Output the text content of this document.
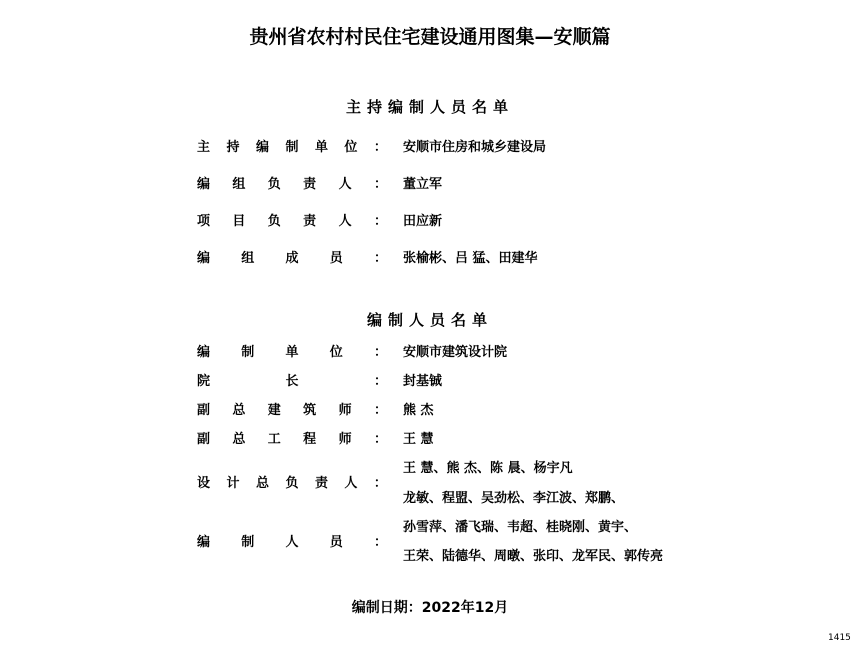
贵州省农村村民住宅建设通用图集—安顺篇
主持编制人员名单
主 持 编 制 单 位 ： 安顺市住房和城乡建设局
编 组 负 责 人 ： 董立军
项 目 负 责 人 ： 田应新
编 组 成 员 ： 张榆彬、吕 猛、田建华
编制人员名单
编 制 单 位 ： 安顺市建筑设计院
院	长	： 封基铖
副 总 建 筑 师 ： 熊 杰
副 总 工 程 师 ： 王 慧
设 计 总 负 责 人 ：
王 慧、熊 杰、陈 晨、杨宇凡
龙敏、程盟、吴劲松、李江波、郑鹏、
编 制 人 员 ：
孙雪萍、潘飞瑞、韦超、桂晓刚、黄宇、
王荣、陆德华、周暾、张印、龙军民、郭传亮
编制日期：2022年12月
1415
